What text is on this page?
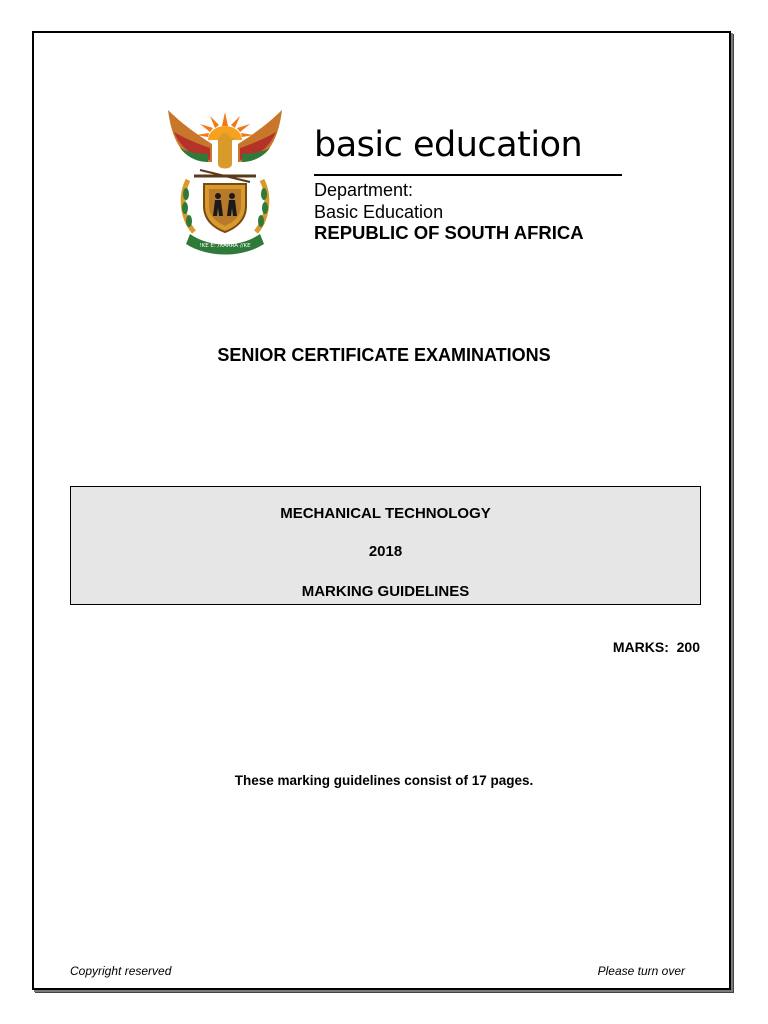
!KE E: /XARRA //KE
basic education
Department:
Basic Education
REPUBLIC OF SOUTH AFRICA
SENIOR CERTIFICATE EXAMINATIONS
MECHANICAL TECHNOLOGY
2018
MARKING GUIDELINES
MARKS: 200
These marking guidelines consist of 17 pages.
Copyright reserved	Please turn over
